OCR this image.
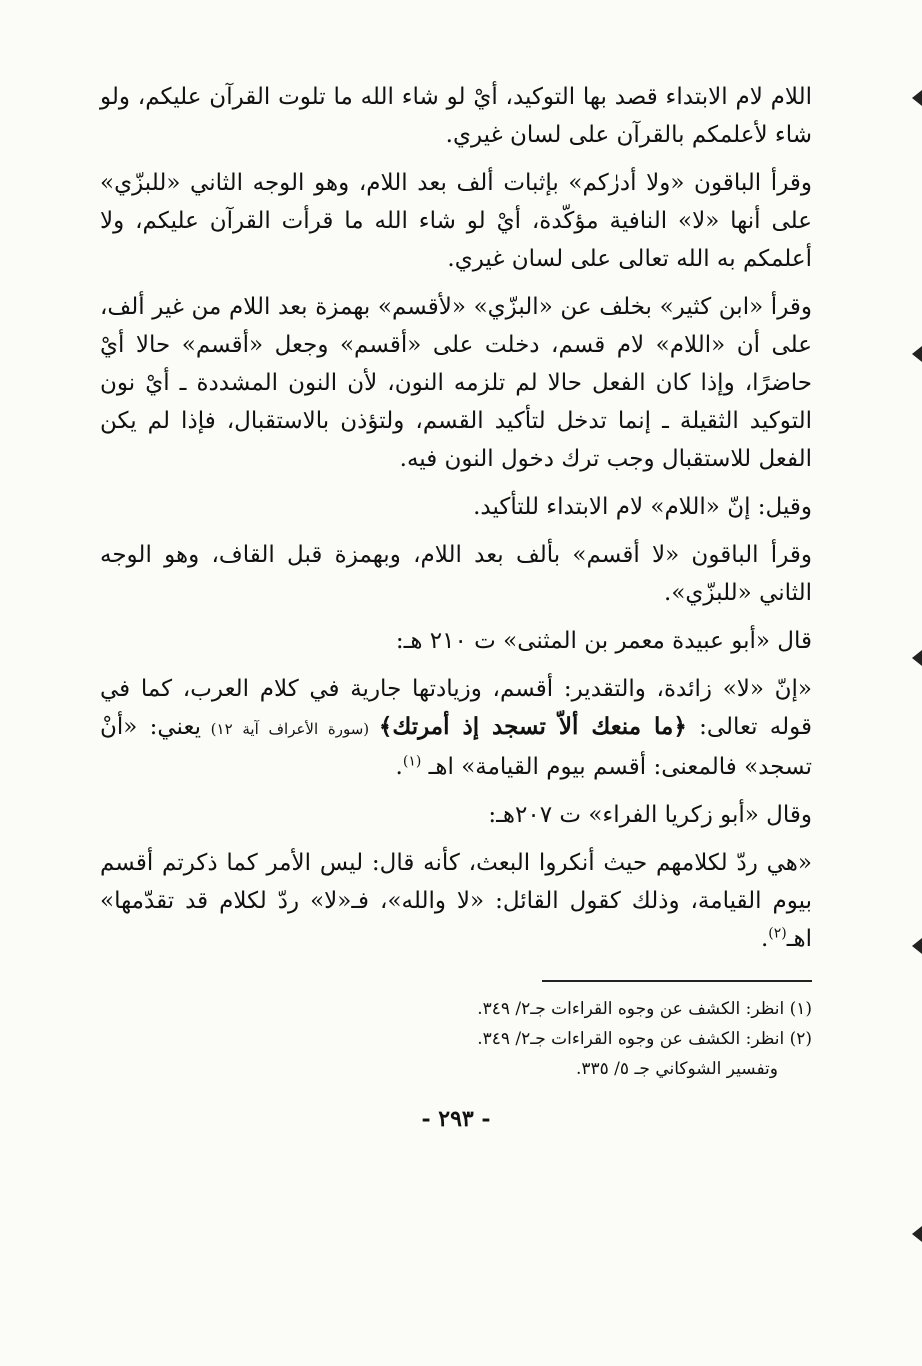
اللام لام الابتداء قصد بها التوكيد، أيْ لو شاء الله ما تلوت القرآن عليكم، ولو شاء لأعلمكم بالقرآن على لسان غيري.

وقرأ الباقون «ولا أدرٰكم» بإثبات ألف بعد اللام، وهو الوجه الثاني «للبزّي» على أنها «لا» النافية مؤكّدة، أيْ لو شاء الله ما قرأت القرآن عليكم، ولا أعلمكم به الله تعالى على لسان غيري.

وقرأ «ابن كثير» بخلف عن «البزّي» «لأقسم» بهمزة بعد اللام من غير ألف، على أن «اللام» لام قسم، دخلت على «أقسم» وجعل «أقسم» حالا أيْ حاضرًا، وإذا كان الفعل حالا لم تلزمه النون، لأن النون المشددة ـ أيْ نون التوكيد الثقيلة ـ إنما تدخل لتأكيد القسم، ولتؤذن بالاستقبال، فإذا لم يكن الفعل للاستقبال وجب ترك دخول النون فيه.

وقيل: إنّ «اللام» لام الابتداء للتأكيد.

وقرأ الباقون «لا أقسم» بألف بعد اللام، وبهمزة قبل القاف، وهو الوجه الثاني «للبزّي».

قال «أبو عبيدة معمر بن المثنى» ت ٢١٠ هـ:

«إنّ «لا» زائدة، والتقدير: أقسم، وزيادتها جارية في كلام العرب، كما في قوله تعالى: ﴿ما منعك ألاّ تسجد إذ أمرتك﴾ (سورة الأعراف آية ١٢) يعني: «أنْ تسجد» فالمعنى: أقسم بيوم القيامة» اهـ $^{(١)}$.

وقال «أبو زكريا الفراء» ت ٢٠٧هـ:

«هي ردّ لكلامهم حيث أنكروا البعث، كأنه قال: ليس الأمر كما ذكرتم أقسم بيوم القيامة، وذلك كقول القائل: «لا والله»، فـ«لا» ردّ لكلام قد تقدّمها» اهـ$^{(٢)}$.

(١) انظر: الكشف عن وجوه القراءات جـ٢/ ٣٤٩.

(٢) انظر: الكشف عن وجوه القراءات جـ٢/ ٣٤٩.

وتفسير الشوكاني جـ ٥/ ٣٣٥.

- ٢٩٣ -
